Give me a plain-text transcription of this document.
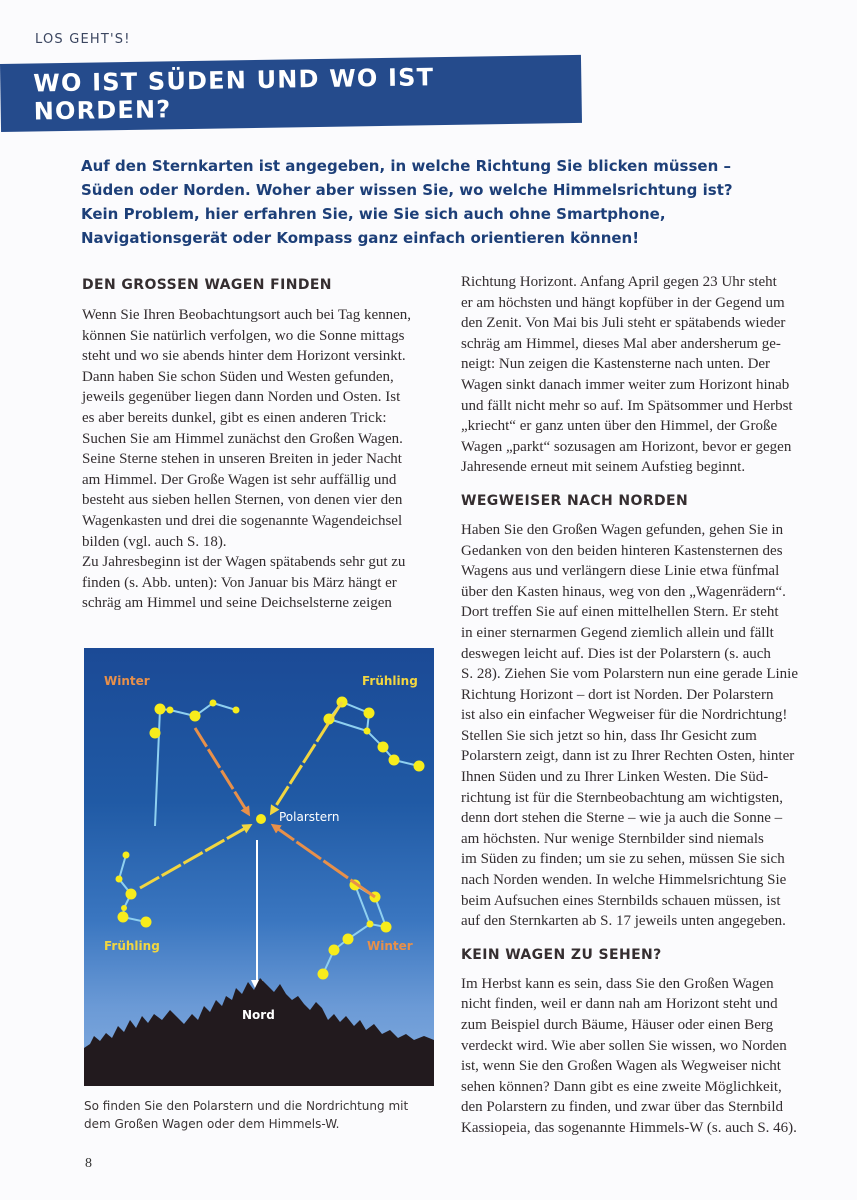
LOS GEHT'S!
WO IST SÜDEN UND WO IST NORDEN?
Auf den Sternkarten ist angegeben, in welche Richtung Sie blicken müssen –
Süden oder Norden. Woher aber wissen Sie, wo welche Himmelsrichtung ist?
Kein Problem, hier erfahren Sie, wie Sie sich auch ohne Smartphone,
Navigationsgerät oder Kompass ganz einfach orientieren können!
DEN GROSSEN WAGEN FINDEN
Wenn Sie Ihren Beobachtungsort auch bei Tag kennen,
können Sie natürlich verfolgen, wo die Sonne mittags
steht und wo sie abends hinter dem Horizont versinkt.
Dann haben Sie schon Süden und Westen gefunden,
jeweils gegenüber liegen dann Norden und Osten. Ist
es aber bereits dunkel, gibt es einen anderen Trick:
Suchen Sie am Himmel zunächst den Großen Wagen.
Seine Sterne stehen in unseren Breiten in jeder Nacht
am Himmel. Der Große Wagen ist sehr auffällig und
besteht aus sieben hellen Sternen, von denen vier den
Wagenkasten und drei die sogenannte Wagendeichsel
bilden (vgl. auch S. 18).
Zu Jahresbeginn ist der Wagen spätabends sehr gut zu
finden (s. Abb. unten): Von Januar bis März hängt er
schräg am Himmel und seine Deichselsterne zeigen
Richtung Horizont. Anfang April gegen 23 Uhr steht
er am höchsten und hängt kopfüber in der Gegend um
den Zenit. Von Mai bis Juli steht er spätabends wieder
schräg am Himmel, dieses Mal aber andersherum ge-
neigt: Nun zeigen die Kastensterne nach unten. Der
Wagen sinkt danach immer weiter zum Horizont hinab
und fällt nicht mehr so auf. Im Spätsommer und Herbst
„kriecht“ er ganz unten über den Himmel, der Große
Wagen „parkt“ sozusagen am Horizont, bevor er gegen
Jahresende erneut mit seinem Aufstieg beginnt.
WEGWEISER NACH NORDEN
Haben Sie den Großen Wagen gefunden, gehen Sie in
Gedanken von den beiden hinteren Kastensternen des
Wagens aus und verlängern diese Linie etwa fünfmal
über den Kasten hinaus, weg von den „Wagenrädern“.
Dort treffen Sie auf einen mittelhellen Stern. Er steht
in einer sternarmen Gegend ziemlich allein und fällt
deswegen leicht auf. Dies ist der Polarstern (s. auch
S. 28). Ziehen Sie vom Polarstern nun eine gerade Linie
Richtung Horizont – dort ist Norden. Der Polarstern
ist also ein einfacher Wegweiser für die Nordrichtung!
Stellen Sie sich jetzt so hin, dass Ihr Gesicht zum
Polarstern zeigt, dann ist zu Ihrer Rechten Osten, hinter
Ihnen Süden und zu Ihrer Linken Westen. Die Süd-
richtung ist für die Sternbeobachtung am wichtigsten,
denn dort stehen die Sterne – wie ja auch die Sonne –
am höchsten. Nur wenige Sternbilder sind niemals
im Süden zu finden; um sie zu sehen, müssen Sie sich
nach Norden wenden. In welche Himmelsrichtung Sie
beim Aufsuchen eines Sternbilds schauen müssen, ist
auf den Sternkarten ab S. 17 jeweils unten angegeben.
KEIN WAGEN ZU SEHEN?
Im Herbst kann es sein, dass Sie den Großen Wagen
nicht finden, weil er dann nah am Horizont steht und
zum Beispiel durch Bäume, Häuser oder einen Berg
verdeckt wird. Wie aber sollen Sie wissen, wo Norden
ist, wenn Sie den Großen Wagen als Wegweiser nicht
sehen können? Dann gibt es eine zweite Möglichkeit,
den Polarstern zu finden, und zwar über das Sternbild
Kassiopeia, das sogenannte Himmels-W (s. auch S. 46).
Winter	Frühling
Polarstern
Frühling	Winter
Nord
So finden Sie den Polarstern und die Nordrichtung mit
dem Großen Wagen oder dem Himmels-W.
8
